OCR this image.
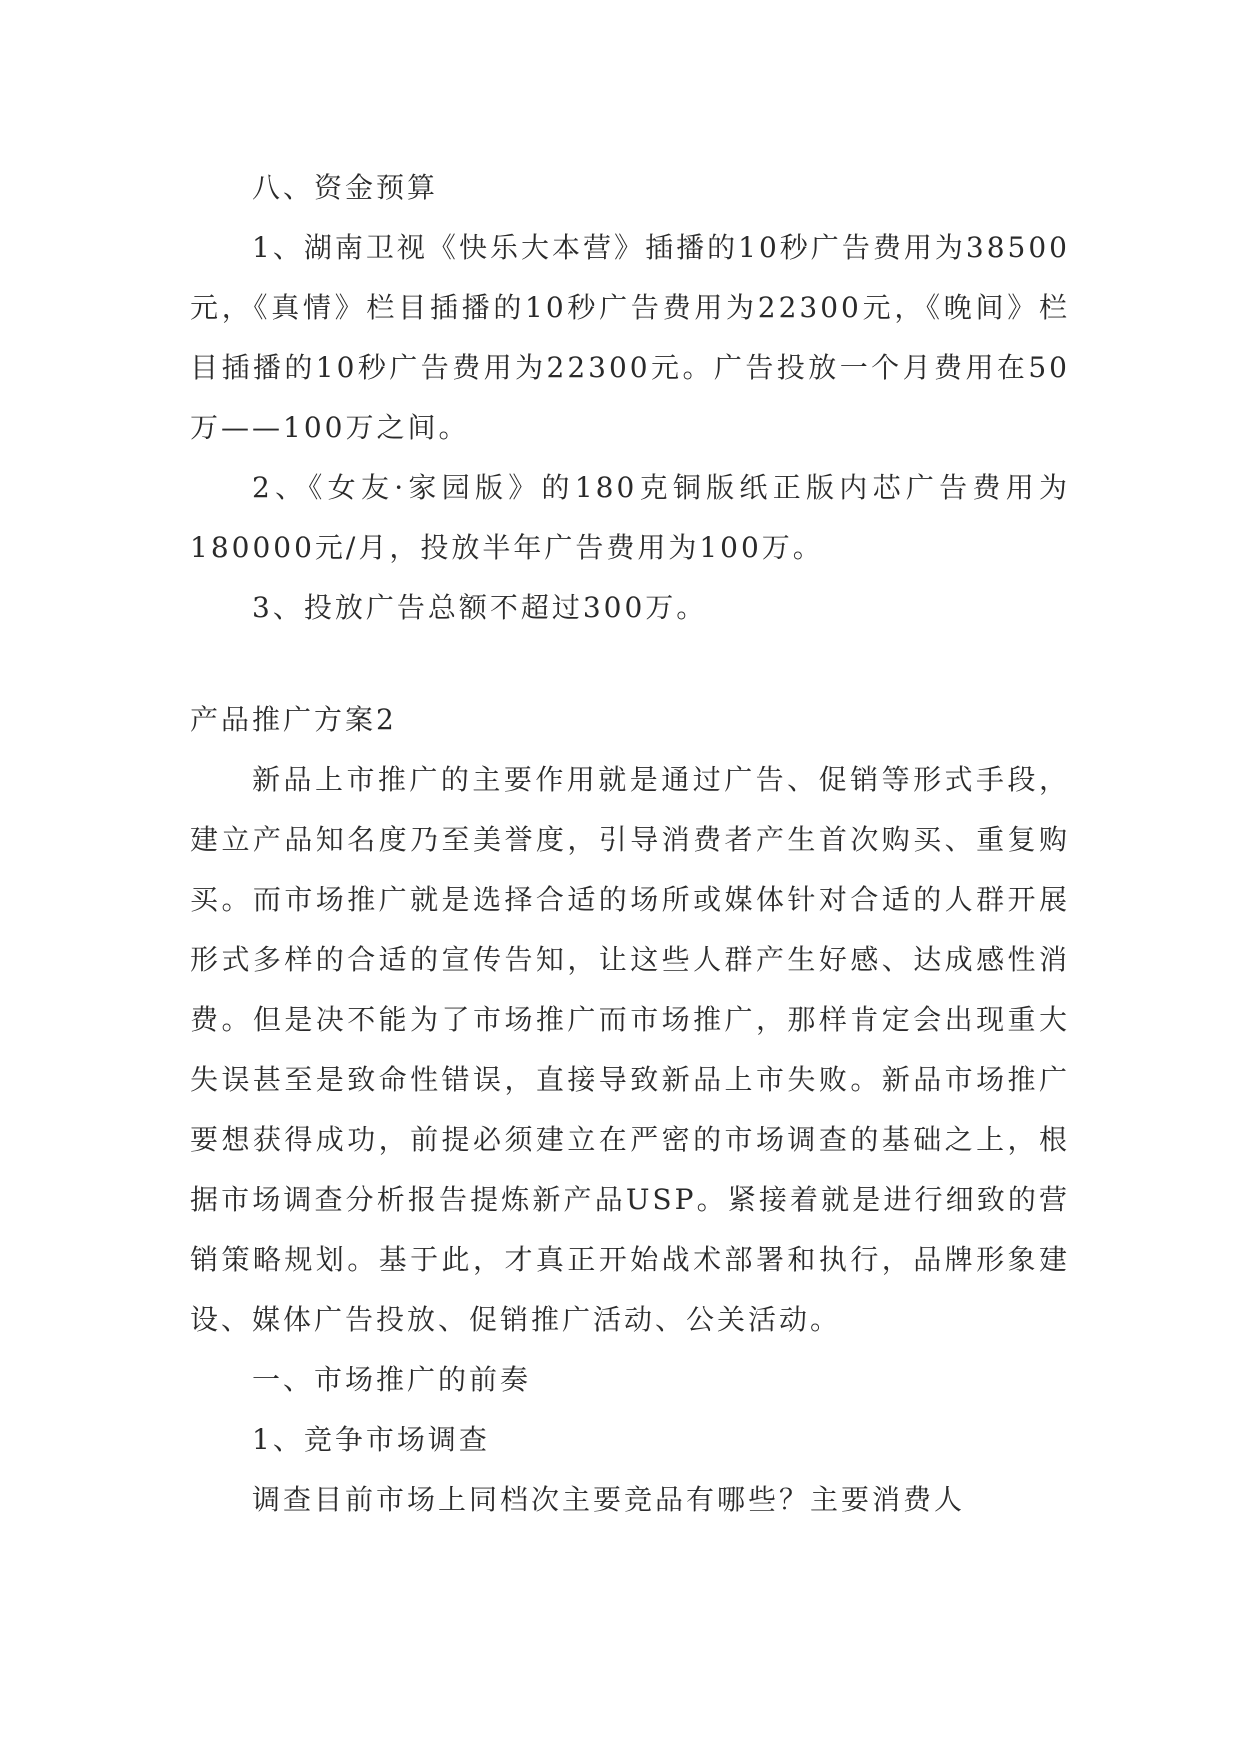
八、资金预算

1、湖南卫视《快乐大本营》插播的10秒广告费用为38500元，《真情》栏目插播的10秒广告费用为22300元，《晚间》栏目插播的10秒广告费用为22300元。广告投放一个月费用在50万——100万之间。

2、《女友·家园版》的180克铜版纸正版内芯广告费用为180000元/月，投放半年广告费用为100万。

3、投放广告总额不超过300万。

产品推广方案2

新品上市推广的主要作用就是通过广告、促销等形式手段，建立产品知名度乃至美誉度，引导消费者产生首次购买、重复购买。而市场推广就是选择合适的场所或媒体针对合适的人群开展形式多样的合适的宣传告知，让这些人群产生好感、达成感性消费。但是决不能为了市场推广而市场推广，那样肯定会出现重大失误甚至是致命性错误，直接导致新品上市失败。新品市场推广要想获得成功，前提必须建立在严密的市场调查的基础之上，根据市场调查分析报告提炼新产品USP。紧接着就是进行细致的营销策略规划。基于此，才真正开始战术部署和执行，品牌形象建设、媒体广告投放、促销推广活动、公关活动。

一、市场推广的前奏

1、竞争市场调查

调查目前市场上同档次主要竞品有哪些？主要消费人
